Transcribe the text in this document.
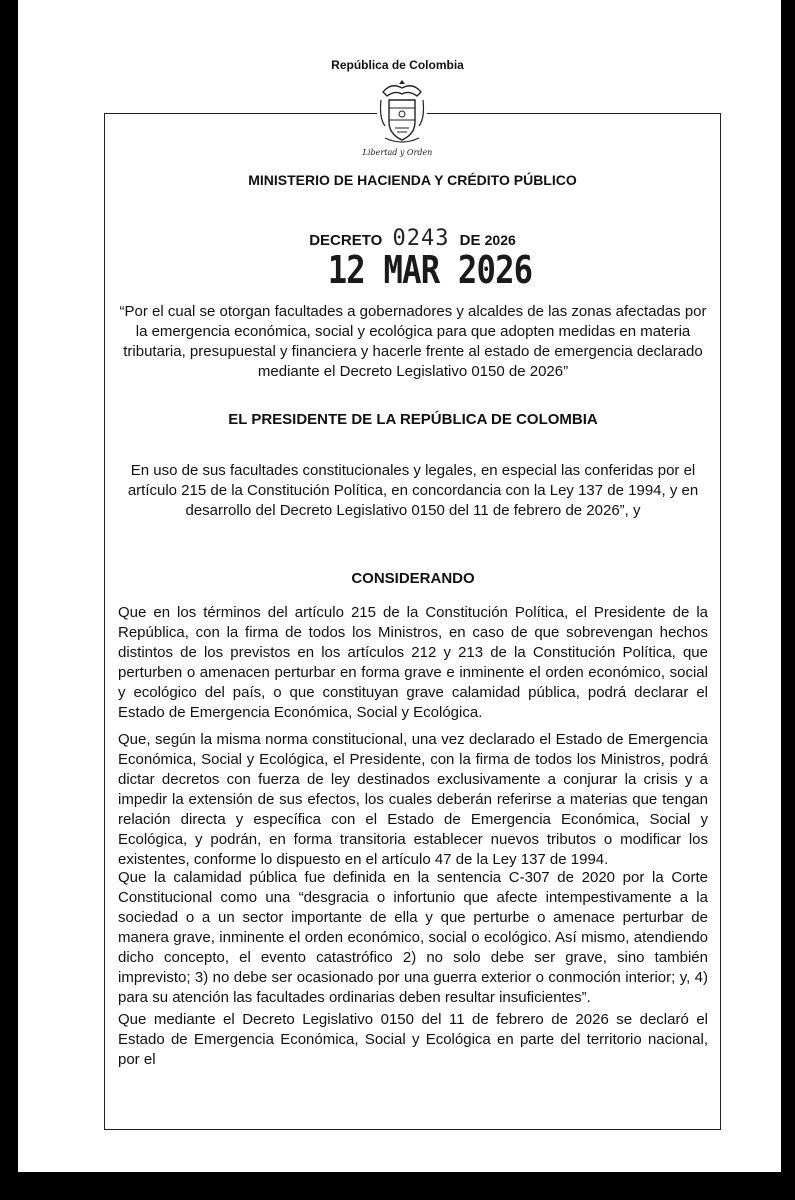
República de Colombia
Libertad y Orden
MINISTERIO DE HACIENDA Y CRÉDITO PÚBLICO
DECRETO 0243 DE 2026
12 MAR 2026
“Por el cual se otorgan facultades a gobernadores y alcaldes de las zonas afectadas por la emergencia económica, social y ecológica para que adopten medidas en materia tributaria, presupuestal y financiera y hacerle frente al estado de emergencia declarado mediante el Decreto Legislativo 0150 de 2026”
EL PRESIDENTE DE LA REPÚBLICA DE COLOMBIA
En uso de sus facultades constitucionales y legales, en especial las conferidas por el artículo 215 de la Constitución Política, en concordancia con la Ley 137 de 1994, y en desarrollo del Decreto Legislativo 0150 del 11 de febrero de 2026”, y
CONSIDERANDO
Que en los términos del artículo 215 de la Constitución Política, el Presidente de la República, con la firma de todos los Ministros, en caso de que sobrevengan hechos distintos de los previstos en los artículos 212 y 213 de la Constitución Política, que perturben o amenacen perturbar en forma grave e inminente el orden económico, social y ecológico del país, o que constituyan grave calamidad pública, podrá declarar el Estado de Emergencia Económica, Social y Ecológica.
Que, según la misma norma constitucional, una vez declarado el Estado de Emergencia Económica, Social y Ecológica, el Presidente, con la firma de todos los Ministros, podrá dictar decretos con fuerza de ley destinados exclusivamente a conjurar la crisis y a impedir la extensión de sus efectos, los cuales deberán referirse a materias que tengan relación directa y específica con el Estado de Emergencia Económica, Social y Ecológica, y podrán, en forma transitoria establecer nuevos tributos o modificar los existentes, conforme lo dispuesto en el artículo 47 de la Ley 137 de 1994.
Que la calamidad pública fue definida en la sentencia C-307 de 2020 por la Corte Constitucional como una “desgracia o infortunio que afecte intempestivamente a la sociedad o a un sector importante de ella y que perturbe o amenace perturbar de manera grave, inminente el orden económico, social o ecológico. Así mismo, atendiendo dicho concepto, el evento catastrófico 2) no solo debe ser grave, sino también imprevisto; 3) no debe ser ocasionado por una guerra exterior o conmoción interior; y, 4) para su atención las facultades ordinarias deben resultar insuficientes”.
Que mediante el Decreto Legislativo 0150 del 11 de febrero de 2026 se declaró el Estado de Emergencia Económica, Social y Ecológica en parte del territorio nacional, por el
